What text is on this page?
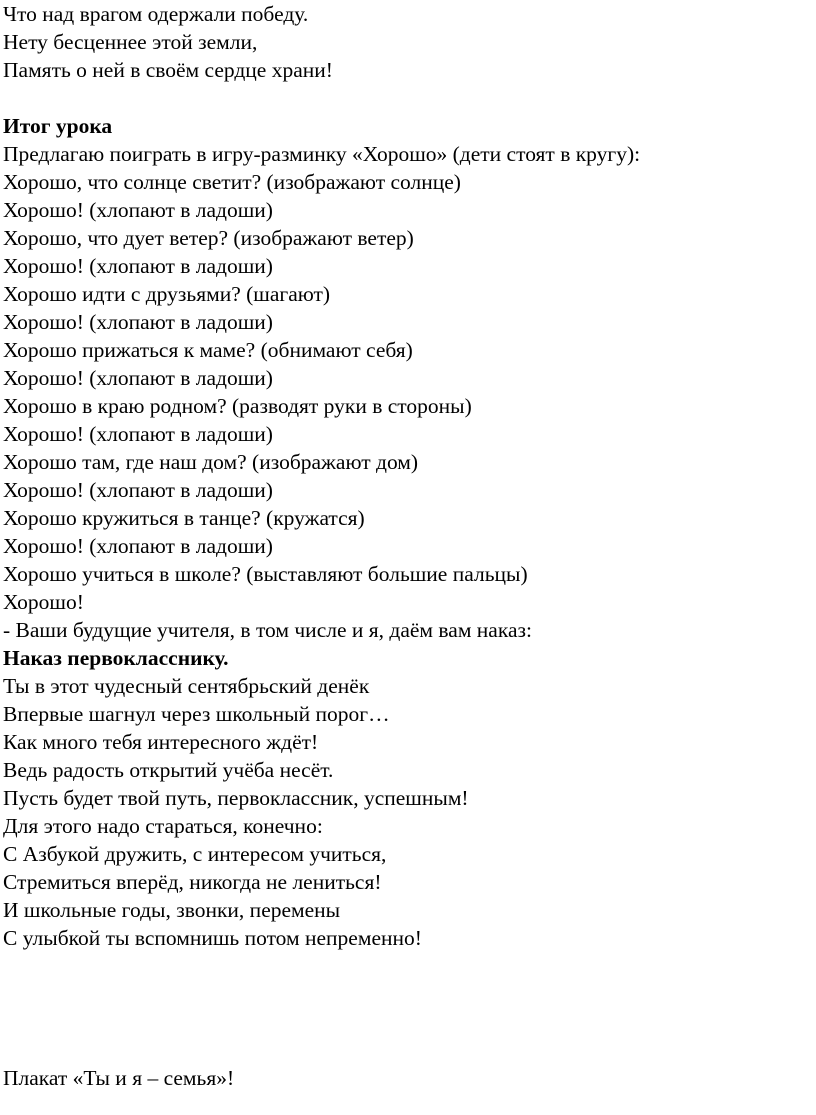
Что над врагом одержали победу.
Нету бесценнее этой земли,
Память о ней в своём сердце храни!
Итог урока
Предлагаю поиграть в игру-разминку «Хорошо» (дети стоят в кругу):
Хорошо, что солнце светит? (изображают солнце)
Хорошо! (хлопают в ладоши)
Хорошо, что дует ветер? (изображают ветер)
Хорошо! (хлопают в ладоши)
Хорошо идти с друзьями? (шагают)
Хорошо! (хлопают в ладоши)
Хорошо прижаться к маме? (обнимают себя)
Хорошо! (хлопают в ладоши)
Хорошо в краю родном? (разводят руки в стороны)
Хорошо! (хлопают в ладоши)
Хорошо там, где наш дом? (изображают дом)
Хорошо! (хлопают в ладоши)
Хорошо кружиться в танце? (кружатся)
Хорошо! (хлопают в ладоши)
Хорошо учиться в школе? (выставляют большие пальцы)
Хорошо!
- Ваши будущие учителя, в том числе и я, даём вам наказ:
Наказ первокласснику.
Ты в этот чудесный сентябрьский денёк
Впервые шагнул через школьный порог…
Как много тебя интересного ждёт!
Ведь радость открытий учёба несёт.
Пусть будет твой путь, первоклассник, успешным!
Для этого надо стараться, конечно:
С Азбукой дружить, с интересом учиться,
Стремиться вперёд, никогда не лениться!
И школьные годы, звонки, перемены
С улыбкой ты вспомнишь потом непременно!
Плакат «Ты и я – семья»!
